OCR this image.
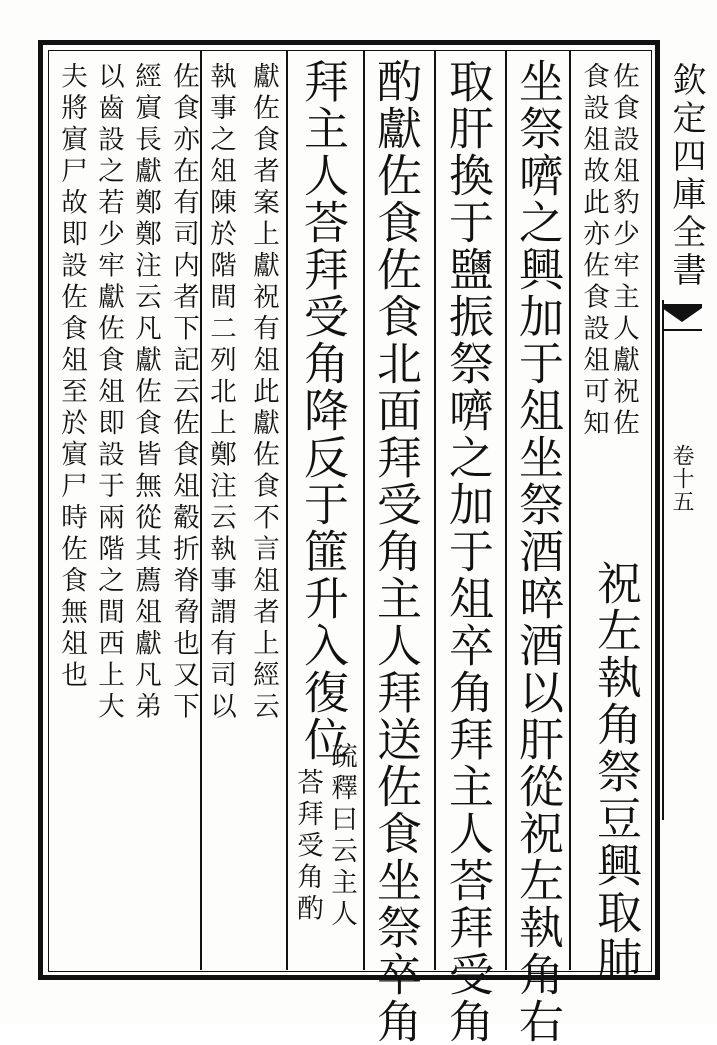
欽定四庫全書
卷十五
佐食設俎豹少牢主人獻祝佐
食設俎故此亦佐食設俎可知
祝左執角祭豆興取肺
坐祭嚌之興加于俎坐祭酒晬酒以肝從祝左執角右
取肝換于鹽振祭嚌之加于俎卒角拜主人荅拜受角
酌獻佐食佐食北面拜受角主人拜送佐食坐祭卒角
拜主人荅拜受角降反于篚升入復位
疏釋曰云主人
荅拜受角酌
獻佐食者案上獻祝有俎此獻佐食不言俎者上經云
執事之俎陳於階間二列北上鄭注云執事謂有司以
佐食亦在有司内者下記云佐食俎觳折脊脅也又下
經賔長獻鄭鄭注云凡獻佐食皆無從其薦俎獻凡弟
以齒設之若少牢獻佐食俎即設于兩階之間西上大
夫將賔尸故即設佐食俎至於賔尸時佐食無俎也
